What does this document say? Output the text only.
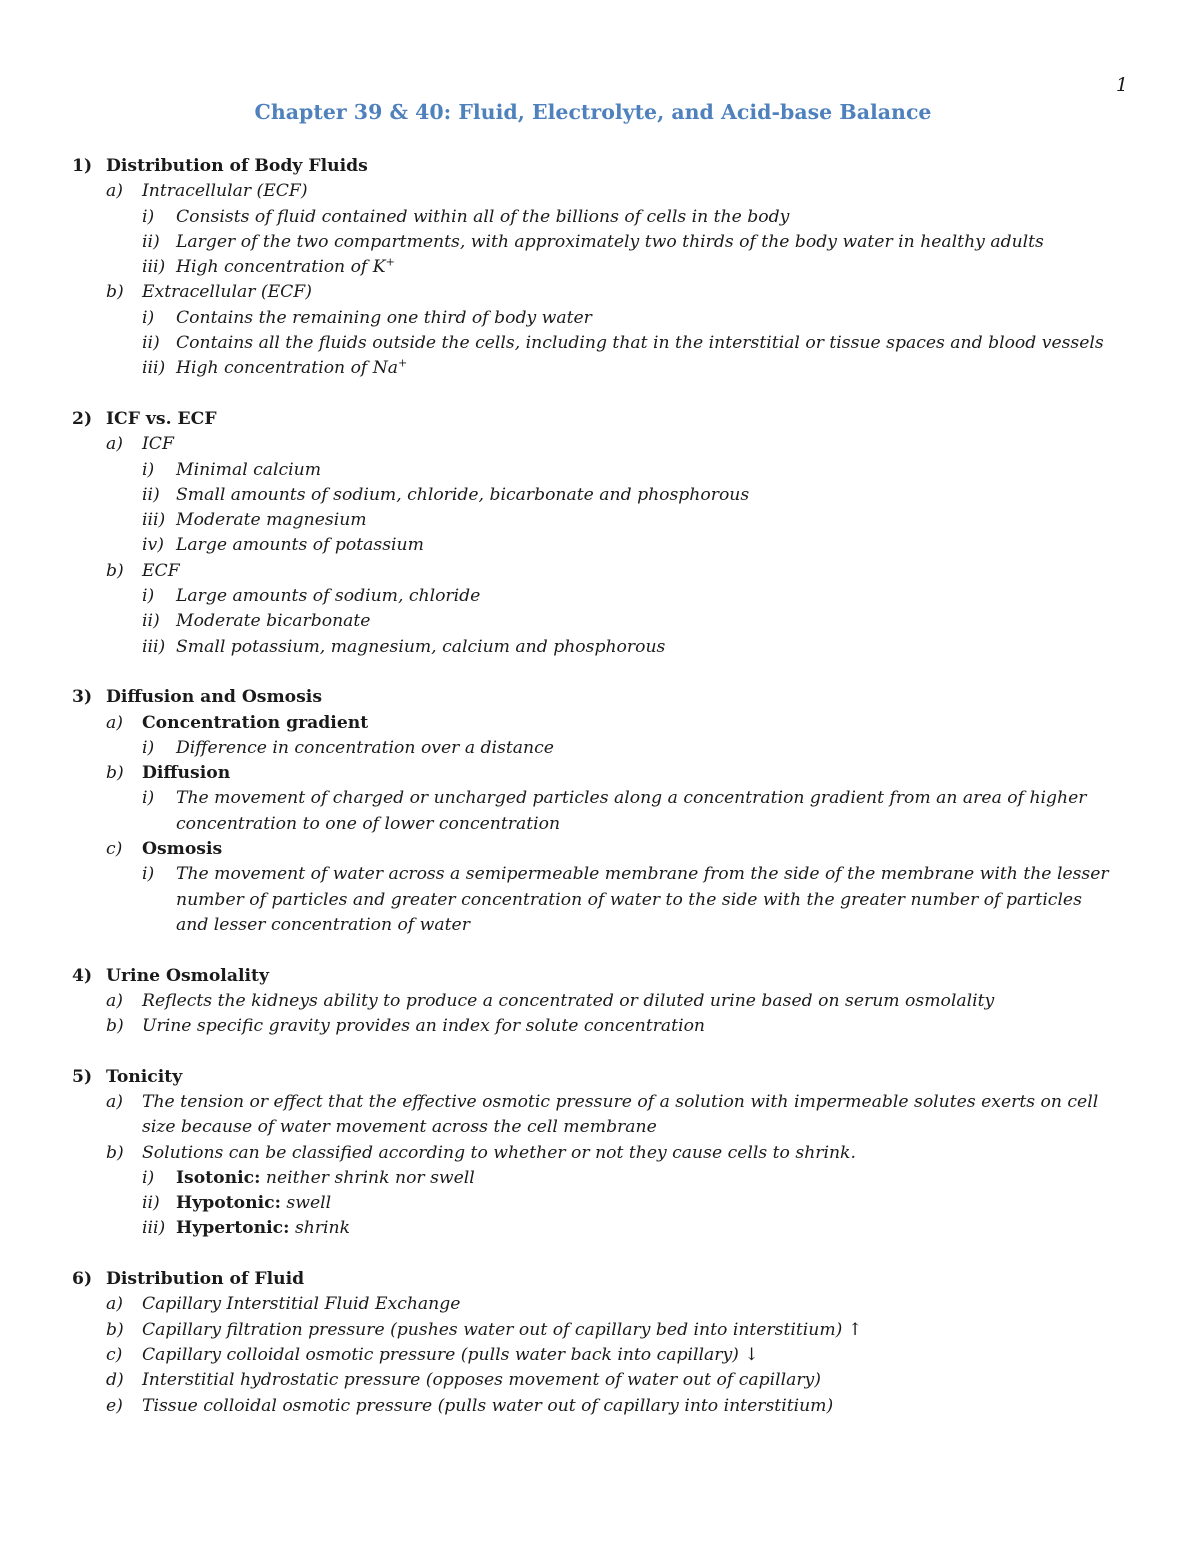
1
Chapter 39 & 40: Fluid, Electrolyte, and Acid-base Balance
1) Distribution of Body Fluids
a) Intracellular (ECF)
i) Consists of fluid contained within all of the billions of cells in the body
ii) Larger of the two compartments, with approximately two thirds of the body water in healthy adults
iii) High concentration of K+
b) Extracellular (ECF)
i) Contains the remaining one third of body water
ii) Contains all the fluids outside the cells, including that in the interstitial or tissue spaces and blood vessels
iii) High concentration of Na+
2) ICF vs. ECF
a) ICF
i) Minimal calcium
ii) Small amounts of sodium, chloride, bicarbonate and phosphorous
iii) Moderate magnesium
iv) Large amounts of potassium
b) ECF
i) Large amounts of sodium, chloride
ii) Moderate bicarbonate
iii) Small potassium, magnesium, calcium and phosphorous
3) Diffusion and Osmosis
a) Concentration gradient
i) Difference in concentration over a distance
b) Diffusion
i) The movement of charged or uncharged particles along a concentration gradient from an area of higher
concentration to one of lower concentration
c) Osmosis
i) The movement of water across a semipermeable membrane from the side of the membrane with the lesser
number of particles and greater concentration of water to the side with the greater number of particles
and lesser concentration of water
4) Urine Osmolality
a) Reflects the kidneys ability to produce a concentrated or diluted urine based on serum osmolality
b) Urine specific gravity provides an index for solute concentration
5) Tonicity
a) The tension or effect that the effective osmotic pressure of a solution with impermeable solutes exerts on cell
size because of water movement across the cell membrane
b) Solutions can be classified according to whether or not they cause cells to shrink.
i) Isotonic: neither shrink nor swell
ii) Hypotonic: swell
iii) Hypertonic: shrink
6) Distribution of Fluid
a) Capillary Interstitial Fluid Exchange
b) Capillary filtration pressure (pushes water out of capillary bed into interstitium) ↑
c) Capillary colloidal osmotic pressure (pulls water back into capillary) ↓
d) Interstitial hydrostatic pressure (opposes movement of water out of capillary)
e) Tissue colloidal osmotic pressure (pulls water out of capillary into interstitium)
